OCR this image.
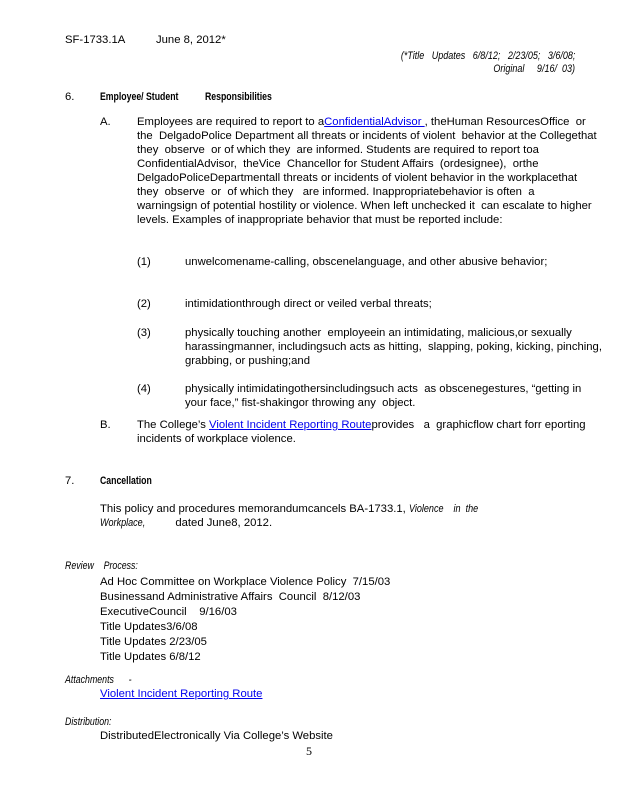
SF-1733.1A	June 8, 2012*
(*Title   Updates   6/8/12;   2/23/05;   3/6/08;
Original     9/16/  03)
6. Employee/ Student	Responsibilities
A. Employees are required to report to aConfidentialAdvisor , theHuman ResourcesOffice  or the  DelgadoPolice Department all threats or incidents of violent  behavior at the Collegethat  they  observe  or of which they  are informed. Students are required to report toa  ConfidentialAdvisor,  theVice  Chancellor for Student Affairs  (ordesignee),  orthe   DelgadoPoliceDepartmentall threats or incidents of violent behavior in the workplacethat they  observe  or  of which they   are informed. Inappropriatebehavior is often  a  warningsign of potential hostility or violence. When left unchecked it  can escalate to higher levels. Examples of inappropriate behavior that must be reported include:
(1)	unwelcomename-calling, obscenelanguage, and other abusive behavior;
(2)	intimidationthrough direct or veiled verbal threats;
(3)	physically touching another  employeein an intimidating, malicious,or sexually  harassingmanner, includingsuch acts as hitting,  slapping, poking, kicking, pinching, grabbing, or pushing;and
(4)	physically intimidatingothersincludingsuch acts  as obscenegestures, “getting in your face,” fist-shakingor throwing any  object.
B. The College’s Violent Incident Reporting Routeprovides   a  graphicflow chart forr eporting incidents of workplace violence.
7. Cancellation
This policy and procedures memorandumcancels BA-1733.1, Violence    in  the
Workplace,      dated June8, 2012.
Review    Process:
Ad Hoc Committee on Workplace Violence Policy  7/15/03
Businessand Administrative Affairs  Council  8/12/03
ExecutiveCouncil    9/16/03
Title Updates3/6/08
Title Updates 2/23/05
Title Updates 6/8/12
Attachments      -
Violent Incident Reporting Route
Distribution:
DistributedElectronically Via College’s Website
5
